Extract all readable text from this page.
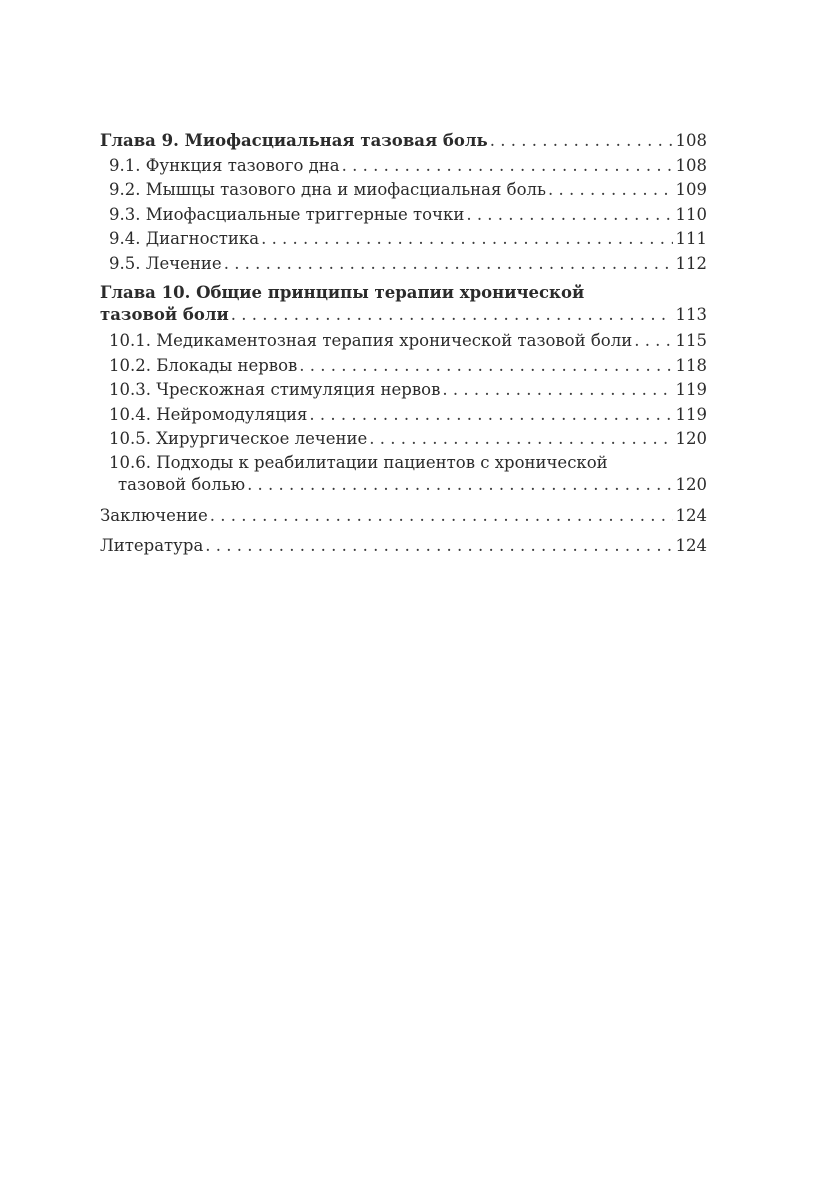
Глава 9. Миофасциальная тазовая боль . . .	108
9.1. Функция тазового дна . . .	108
9.2. Мышцы тазового дна и миофасциальная боль . . .	109
9.3. Миофасциальные триггерные точки . . .	110
9.4. Диагностика . . .	111
9.5. Лечение . . .	112
Глава 10. Общие принципы терапии хронической
тазовой боли . . .	113
10.1. Медикаментозная терапия хронической тазовой боли . . .	115
10.2. Блокады нервов . . .	118
10.3. Чрескожная стимуляция нервов . . .	119
10.4. Нейромодуляция . . .	119
10.5. Хирургическое лечение . . .	120
10.6. Подходы к реабилитации пациентов с хронической
тазовой болью . . .	120
Заключение . . .	124
Литература . . .	124
